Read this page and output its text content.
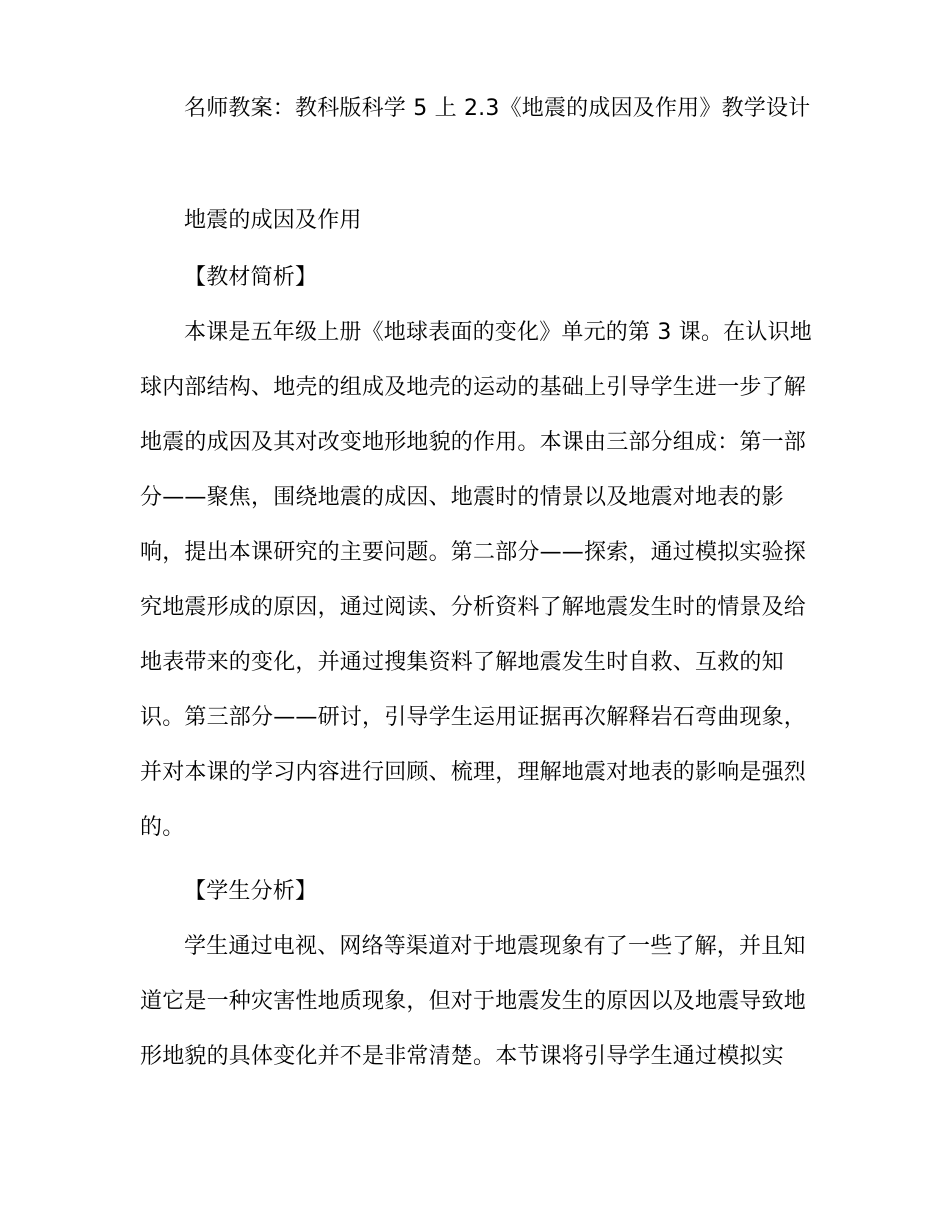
名师教案：教科版科学 5 上 2.3《地震的成因及作用》教学设计
地震的成因及作用
【教材简析】
本课是五年级上册《地球表面的变化》单元的第 3 课。在认识地
球内部结构、地壳的组成及地壳的运动的基础上引导学生进一步了解
地震的成因及其对改变地形地貌的作用。本课由三部分组成：第一部
分——聚焦，围绕地震的成因、地震时的情景以及地震对地表的影
响，提出本课研究的主要问题。第二部分——探索，通过模拟实验探
究地震形成的原因，通过阅读、分析资料了解地震发生时的情景及给
地表带来的变化，并通过搜集资料了解地震发生时自救、互救的知
识。第三部分——研讨，引导学生运用证据再次解释岩石弯曲现象，
并对本课的学习内容进行回顾、梳理，理解地震对地表的影响是强烈
的。
【学生分析】
学生通过电视、网络等渠道对于地震现象有了一些了解，并且知
道它是一种灾害性地质现象，但对于地震发生的原因以及地震导致地
形地貌的具体变化并不是非常清楚。本节课将引导学生通过模拟实
